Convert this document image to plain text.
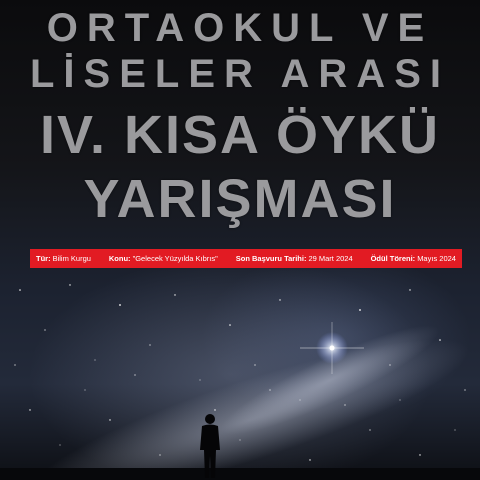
ORTAOKUL VE
LİSELER ARASI
IV. KISA ÖYKÜ
YARIŞMASI
Tür: Bilim Kurgu Konu: "Gelecek Yüzyılda Kıbrıs" Son Başvuru Tarihi: 29 Mart 2024 Ödül Töreni: Mayıs 2024
